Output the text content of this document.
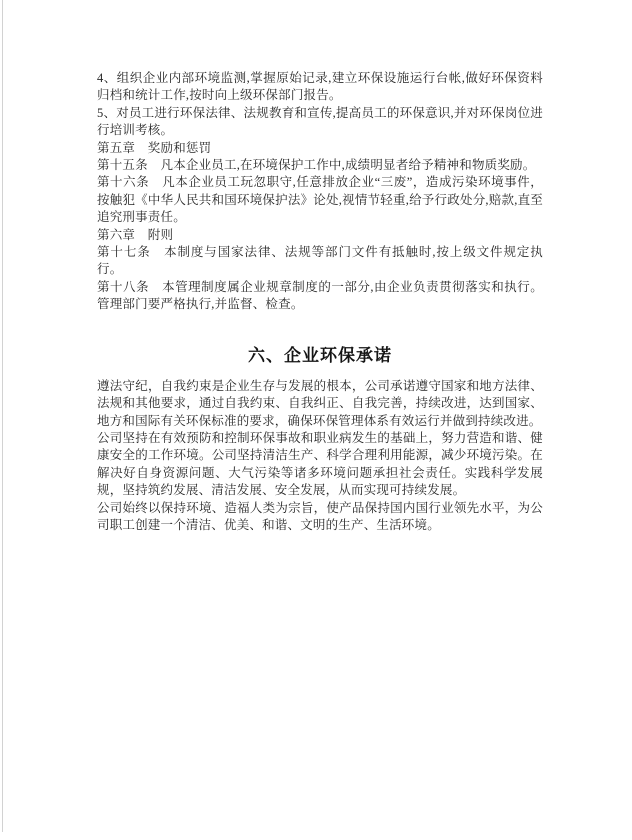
4、组织企业内部环境监测,掌握原始记录,建立环保设施运行台帐,做好环保资料归档和统计工作,按时向上级环保部门报告。

5、对员工进行环保法律、法规教育和宣传,提高员工的环保意识,并对环保岗位进行培训考核。

第五章　奖励和惩罚

第十五条　凡本企业员工,在环境保护工作中,成绩明显者给予精神和物质奖励。

第十六条　凡本企业员工玩忽职守,任意排放企业“三废”，造成污染环境事件，按触犯《中华人民共和国环境保护法》论处,视情节轻重,给予行政处分,赔款,直至追究刑事责任。

第六章　附则

第十七条　本制度与国家法律、法规等部门文件有抵触时,按上级文件规定执行。

第十八条　本管理制度属企业规章制度的一部分,由企业负责贯彻落实和执行。管理部门要严格执行,并监督、检查。

六、企业环保承诺

遵法守纪，自我约束是企业生存与发展的根本，公司承诺遵守国家和地方法律、法规和其他要求，通过自我约束、自我纠正、自我完善，持续改进，达到国家、地方和国际有关环保标准的要求，确保环保管理体系有效运行并做到持续改进。

公司坚持在有效预防和控制环保事故和职业病发生的基础上，努力营造和谐、健康安全的工作环境。公司坚持清洁生产、科学合理利用能源，减少环境污染。在解决好自身资源问题、大气污染等诸多环境问题承担社会责任。实践科学发展规，坚持筑约发展、清洁发展、安全发展，从而实现可持续发展。

公司始终以保持环境、造福人类为宗旨，使产品保持国内国行业领先水平，为公司职工创建一个清洁、优美、和谐、文明的生产、生活环境。
